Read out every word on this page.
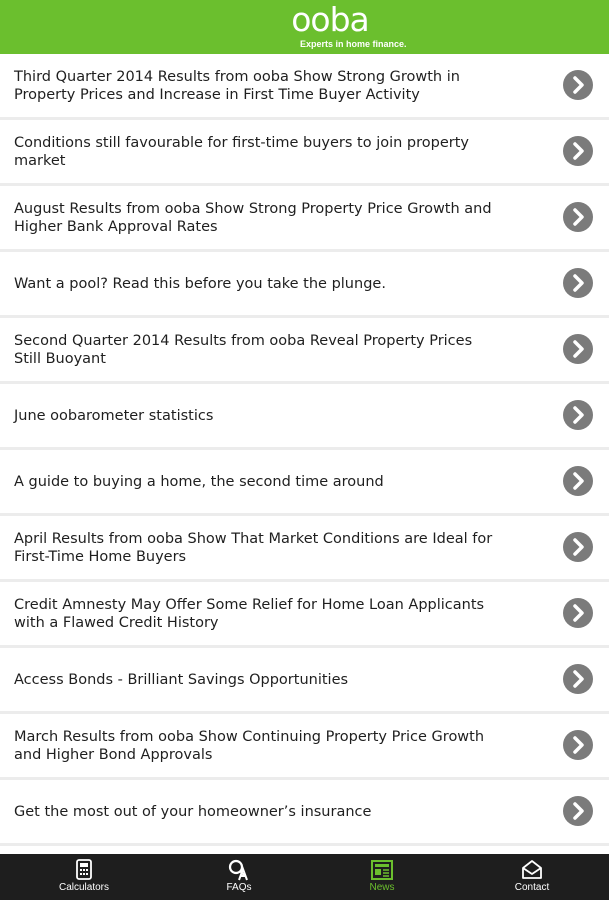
ooba
Experts in home finance.
Third Quarter 2014 Results from ooba Show Strong Growth in Property Prices and Increase in First Time Buyer Activity
Conditions still favourable for first-time buyers to join property market
August Results from ooba Show Strong Property Price Growth and Higher Bank Approval Rates
Want a pool? Read this before you take the plunge.
Second Quarter 2014 Results from ooba Reveal Property Prices Still Buoyant
June oobarometer statistics
A guide to buying a home, the second time around
April Results from ooba Show That Market Conditions are Ideal for First-Time Home Buyers
Credit Amnesty May Offer Some Relief for Home Loan Applicants with a Flawed Credit History
Access Bonds - Brilliant Savings Opportunities
March Results from ooba Show Continuing Property Price Growth and Higher Bond Approvals
Get the most out of your homeowner’s insurance
Calculators	FAQs	News	Contact
